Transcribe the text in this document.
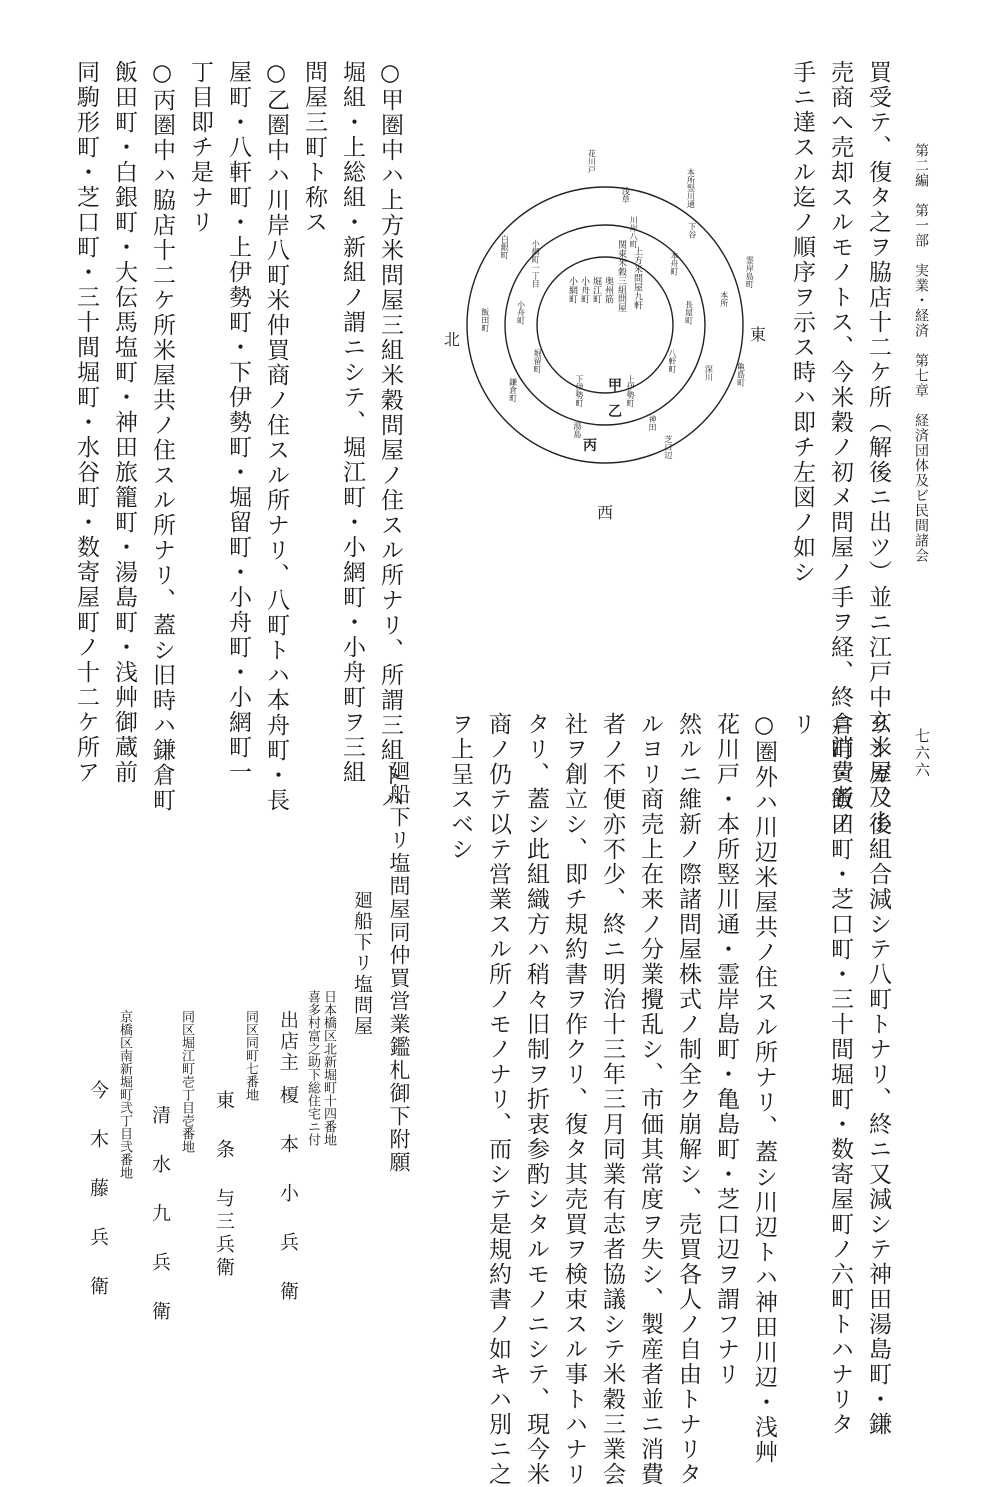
第二編　第一部　実業・経済　第七章　経済団体及ビ民間諸会
七六六
買受テ、復タ之ヲ脇店十二ケ所（解後ニ出ツ）並ニ江戸中玄米屋及小
売商へ売却スルモノトス、今米穀ノ初メ問屋ノ手ヲ経、終ニ消費者ノ
手ニ達スル迄ノ順序ヲ示ス時ハ即チ左図ノ如シ
東
西
北
甲
乙
丙
上方米問屋九軒
関東米穀三組問屋
奥州筋
堀江町
小舟町
小網町
川岸八町
本舟町
長屋町
八軒町
上伊勢町
下伊勢町
堀留町
小舟町
小網町一丁目
浅草
下谷
本所
深川
神田
湯島
鎌倉町
飯田町
白銀町
花川戸
本所竪川通
霊岸島町
亀島町
芝口辺
○甲圏中ハ上方米問屋三組米穀問屋ノ住スル所ナリ、所謂三組トハ
堀組・上総組・新組ノ謂ニシテ、堀江町・小網町・小舟町ヲ三組
問屋三町ト称ス
○乙圏中ハ川岸八町米仲買商ノ住スル所ナリ、八町トハ本舟町・長
屋町・八軒町・上伊勢町・下伊勢町・堀留町・小舟町・小網町一
丁目即チ是ナリ
○丙圏中ハ脇店十二ケ所米屋共ノ住スル所ナリ、蓋シ旧時ハ鎌倉町
飯田町・白銀町・大伝馬塩町・神田旅籠町・湯島町・浅艸御蔵前
同駒形町・芝口町・三十間堀町・水谷町・数寄屋町ノ十二ケ所ア
リシガ、後組合減シテ八町トナリ、終ニ又減シテ神田湯島町・鎌
倉町・飯田町・芝口町・三十間堀町・数寄屋町ノ六町トハナリタ
リ
○圏外ハ川辺米屋共ノ住スル所ナリ、蓋シ川辺トハ神田川辺・浅艸
花川戸・本所竪川通・霊岸島町・亀島町・芝口辺ヲ謂フナリ
然ルニ維新ノ際諸問屋株式ノ制全ク崩解シ、売買各人ノ自由トナリタ
ルヨリ商売上在来ノ分業攪乱シ、市価其常度ヲ失シ、製産者並ニ消費
者ノ不便亦不少、終ニ明治十三年三月同業有志者協議シテ米穀三業会
社ヲ創立シ、即チ規約書ヲ作クリ、復タ其売買ヲ検束スル事トハナリ
タリ、蓋シ此組織方ハ稍々旧制ヲ折衷参酌シタルモノニシテ、現今米
商ノ仍テ以テ営業スル所ノモノナリ、而シテ是規約書ノ如キハ別ニ之
ヲ上呈スベシ
廻船下リ塩問屋同仲買営業鑑札御下附願
廻船下リ塩問屋
日本橋区北新堀町十四番地
喜多村富之助下総住宅ニ付
出店主
榎 本 小 兵 衛
同区同町七番地
東 条 与三兵衛
同区堀江町壱丁目壱番地
清 水 九 兵 衛
京橋区南新堀町弐丁目弐番地
今 木 藤 兵 衛
